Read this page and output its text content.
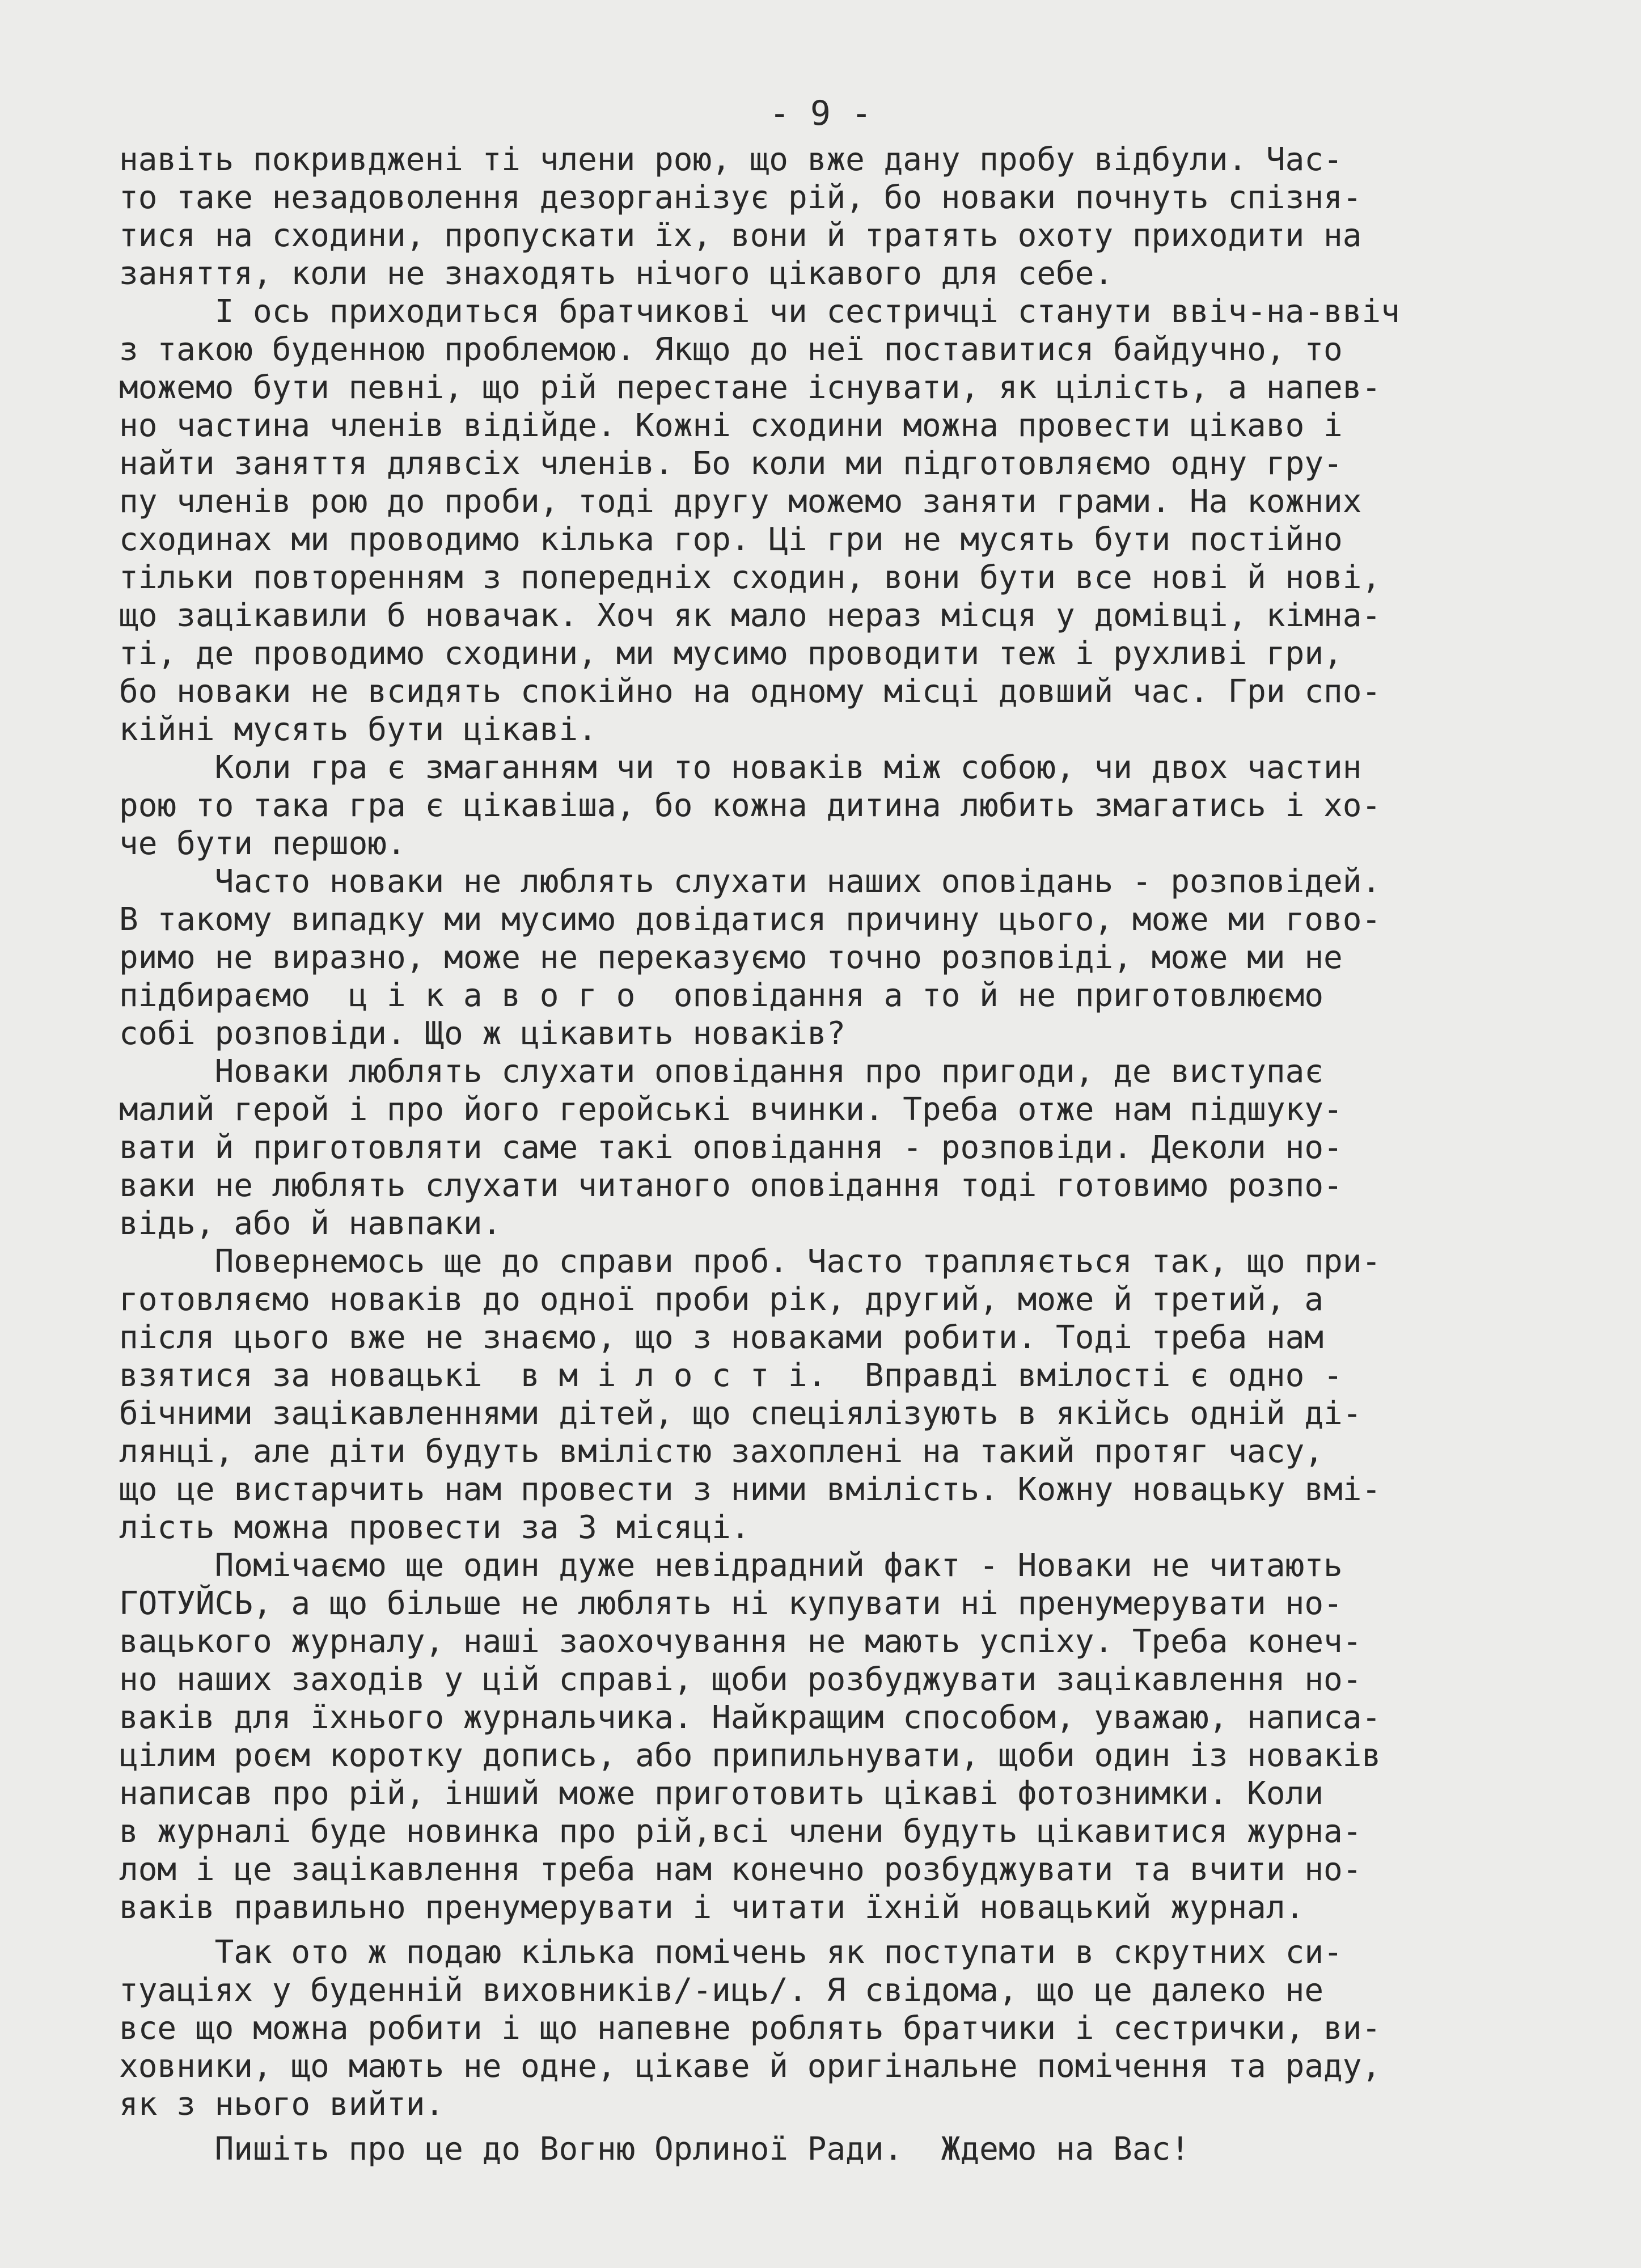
- 9 -
навіть покривджені ті члени рою, що вже дану пробу відбули. Час-
то таке незадоволення дезорганізує рій, бо новаки почнуть спізня-
тися на сходини, пропускати їх, вони й тратять охоту приходити на
заняття, коли не знаходять нічого цікавого для себе.
І ось приходиться братчикові чи сестричці станути ввіч-на-ввіч
з такою буденною проблемою. Якщо до неї поставитися байдучно, то
можемо бути певні, що рій перестане існувати, як цілість, а напев-
но частина членів відійде. Кожні сходини можна провести цікаво і
найти заняття длявсіх членів. Бо коли ми підготовляємо одну гру-
пу членів рою до проби, тоді другу можемо заняти грами. На кожних
сходинах ми проводимо кілька гор. Ці гри не мусять бути постійно
тільки повторенням з попередніх сходин, вони бути все нові й нові,
що зацікавили б новачак. Хоч як мало нераз місця у домівці, кімна-
ті, де проводимо сходини, ми мусимо проводити теж і рухливі гри,
бо новаки не всидять спокійно на одному місці довший час. Гри спо-
кійні мусять бути цікаві.
Коли гра є змаганням чи то новаків між собою, чи двох частин
рою то така гра є цікавіша, бо кожна дитина любить змагатись і хо-
че бути першою.
Часто новаки не люблять слухати наших оповідань - розповідей.
В такому випадку ми мусимо довідатися причину цього, може ми гово-
римо не виразно, може не переказуємо точно розповіді, може ми не
підбираємо  ц і к а в о г о  оповідання а то й не приготовлюємо
собі розповіди. Що ж цікавить новаків?
Новаки люблять слухати оповідання про пригоди, де виступає
малий герой і про його геройські вчинки. Треба отже нам підшуку-
вати й приготовляти саме такі оповідання - розповіди. Деколи но-
ваки не люблять слухати читаного оповідання тоді готовимо розпо-
відь, або й навпаки.
Повернемось ще до справи проб. Часто трапляється так, що при-
готовляємо новаків до одної проби рік, другий, може й третий, а
після цього вже не знаємо, що з новаками робити. Тоді треба нам
взятися за новацькі  в м і л о с т і.  Вправді вмілості є одно -
бічними зацікавленнями дітей, що спеціялізують в якійсь одній ді-
лянці, але діти будуть вмілістю захоплені на такий протяг часу,
що це вистарчить нам провести з ними вмілість. Кожну новацьку вмі-
лість можна провести за 3 місяці.
Помічаємо ще один дуже невідрадний факт - Новаки не читають
ГОТУЙСЬ, а що більше не люблять ні купувати ні пренумерувати но-
вацького журналу, наші заохочування не мають успіху. Треба конеч-
но наших заходів у цій справі, щоби розбуджувати зацікавлення но-
ваків для їхнього журнальчика. Найкращим способом, уважаю, написа-
цілим роєм коротку допись, або припильнувати, щоби один із новаків
написав про рій, інший може приготовить цікаві фотознимки. Коли
в журналі буде новинка про рій,всі члени будуть цікавитися журна-
лом і це зацікавлення треба нам конечно розбуджувати та вчити но-
ваків правильно пренумерувати і читати їхній новацький журнал.
Так ото ж подаю кілька помічень як поступати в скрутних си-
туаціях у буденній виховників/-иць/. Я свідома, що це далеко не
все що можна робити і що напевне роблять братчики і сестрички, ви-
ховники, що мають не одне, цікаве й оригінальне помічення та раду,
як з нього вийти.
Пишіть про це до Вогню Орлиної Ради.  Ждемо на Вас!
